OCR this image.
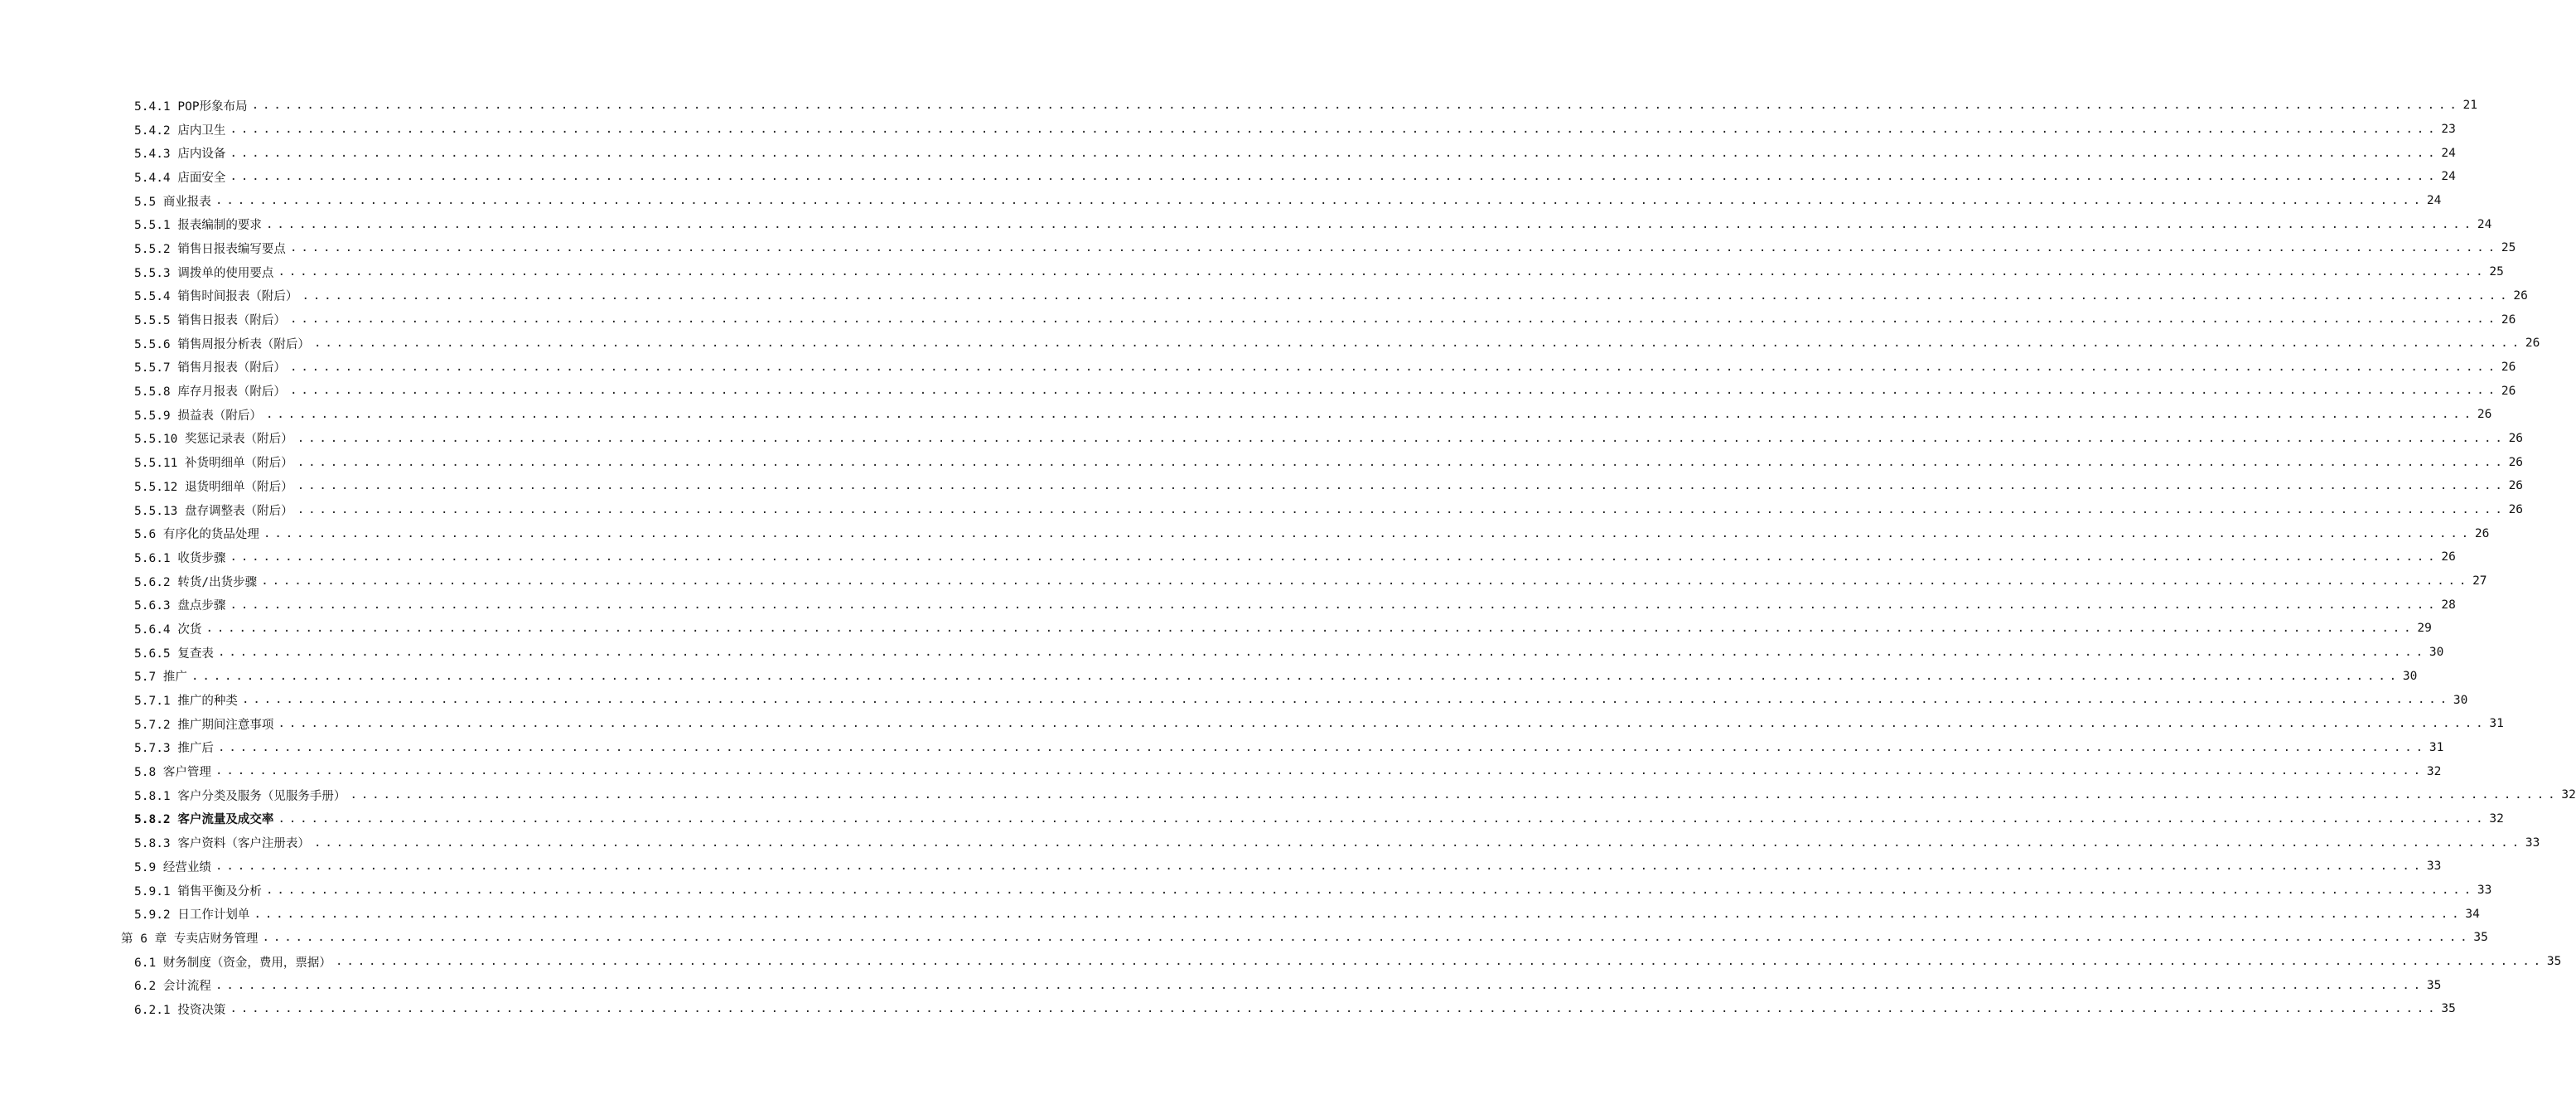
5.4.1 POP形象布局 ........................................................................................................................................................................................................ 21
5.4.2 店内卫生 ........................................................................................................................................................................................................ 23
5.4.3 店内设备 ........................................................................................................................................................................................................ 24
5.4.4 店面安全 ........................................................................................................................................................................................................ 24
5.5 商业报表 ........................................................................................................................................................................................................ 24
5.5.1 报表编制的要求 ........................................................................................................................................................................................................ 24
5.5.2 销售日报表编写要点 ........................................................................................................................................................................................................ 25
5.5.3 调拨单的使用要点 ........................................................................................................................................................................................................ 25
5.5.4 销售时间报表（附后） ........................................................................................................................................................................................................ 26
5.5.5 销售日报表（附后） ........................................................................................................................................................................................................ 26
5.5.6 销售周报分析表（附后） ........................................................................................................................................................................................................ 26
5.5.7 销售月报表（附后） ........................................................................................................................................................................................................ 26
5.5.8 库存月报表（附后） ........................................................................................................................................................................................................ 26
5.5.9 损益表（附后） ........................................................................................................................................................................................................ 26
5.5.10 奖惩记录表（附后） ........................................................................................................................................................................................................ 26
5.5.11 补货明细单（附后） ........................................................................................................................................................................................................ 26
5.5.12 退货明细单（附后） ........................................................................................................................................................................................................ 26
5.5.13 盘存调整表（附后） ........................................................................................................................................................................................................ 26
5.6 有序化的货品处理 ........................................................................................................................................................................................................ 26
5.6.1 收货步骤 ........................................................................................................................................................................................................ 26
5.6.2 转货/出货步骤 ........................................................................................................................................................................................................ 27
5.6.3 盘点步骤 ........................................................................................................................................................................................................ 28
5.6.4 次货 ........................................................................................................................................................................................................ 29
5.6.5 复查表 ........................................................................................................................................................................................................ 30
5.7 推广 ........................................................................................................................................................................................................ 30
5.7.1 推广的种类 ........................................................................................................................................................................................................ 30
5.7.2 推广期间注意事项 ........................................................................................................................................................................................................ 31
5.7.3 推广后 ........................................................................................................................................................................................................ 31
5.8 客户管理 ........................................................................................................................................................................................................ 32
5.8.1 客户分类及服务（见服务手册） ........................................................................................................................................................................................................ 32
5.8.2 客户流量及成交率 ........................................................................................................................................................................................................ 32
5.8.3 客户资料（客户注册表） ........................................................................................................................................................................................................ 33
5.9 经营业绩 ........................................................................................................................................................................................................ 33
5.9.1 销售平衡及分析 ........................................................................................................................................................................................................ 33
5.9.2 日工作计划单 ........................................................................................................................................................................................................ 34
第 6 章 专卖店财务管理 ........................................................................................................................................................................................................ 35
6.1 财务制度（资金，费用，票据） ........................................................................................................................................................................................................ 35
6.2 会计流程 ........................................................................................................................................................................................................ 35
6.2.1 投资决策 ........................................................................................................................................................................................................ 35
